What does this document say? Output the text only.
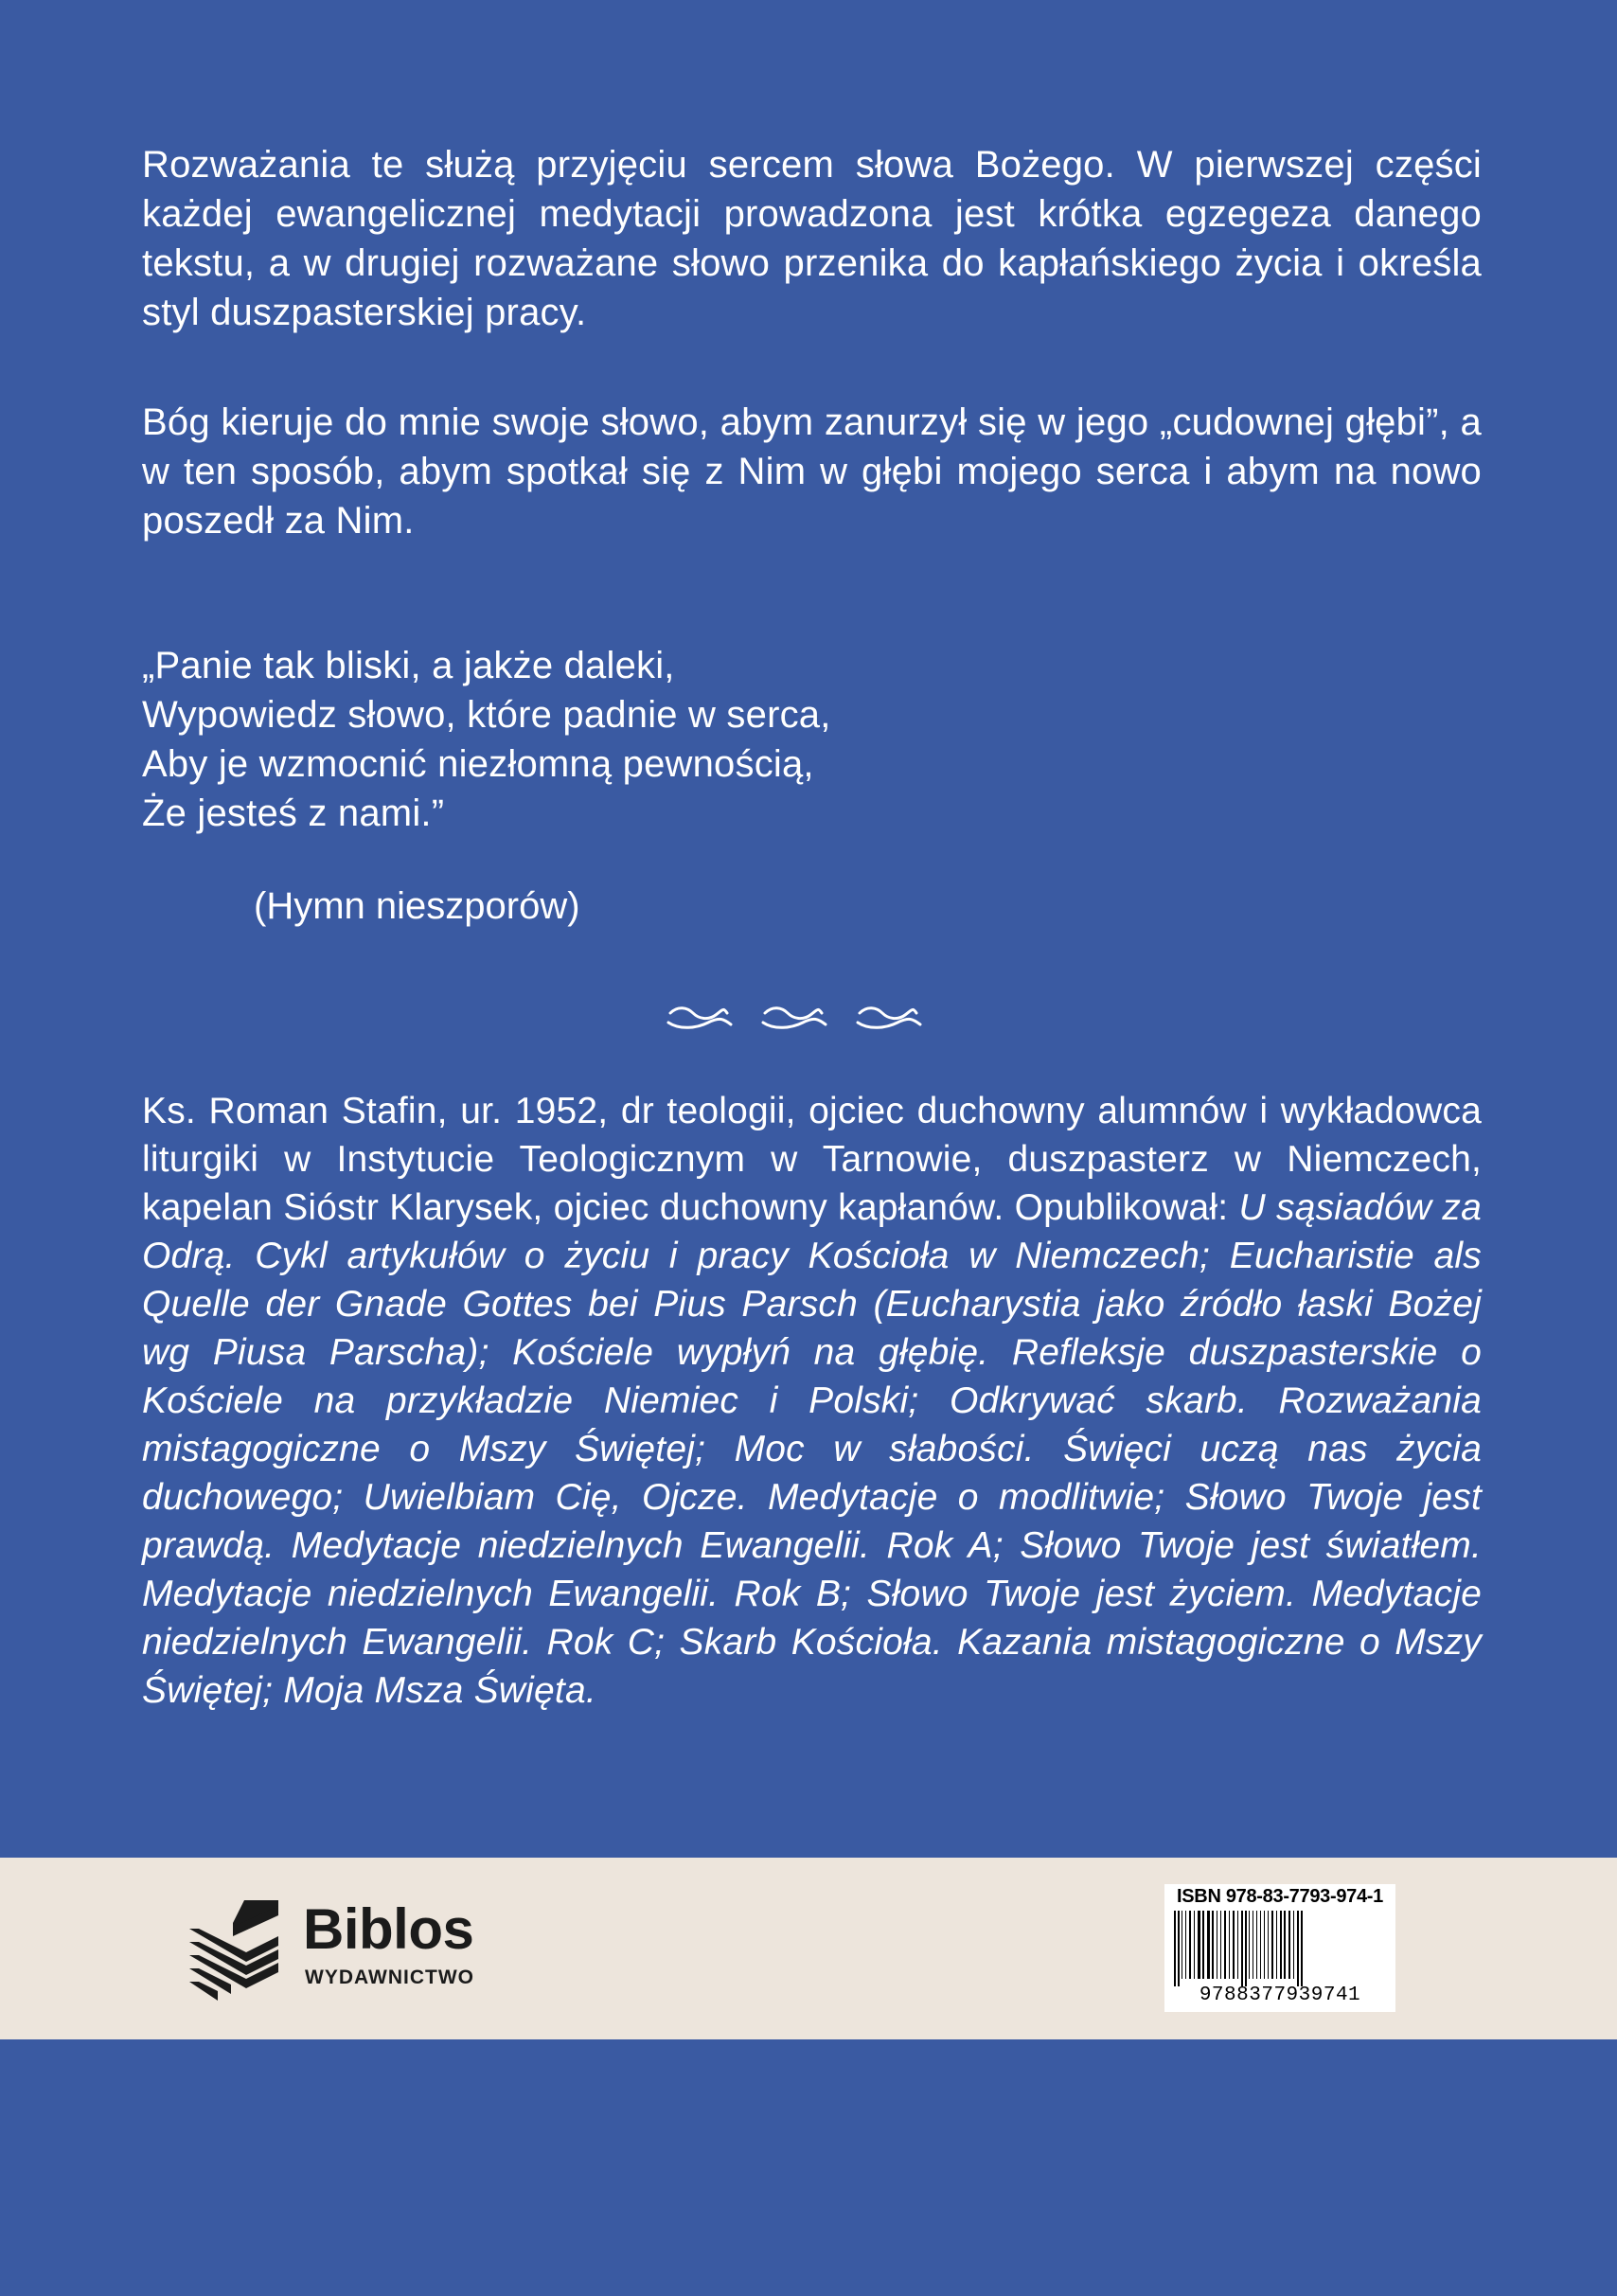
Rozważania te służą przyjęciu sercem słowa Bożego. W pierwszej części każdej ewangelicznej medytacji prowadzona jest krótka egzegeza danego tekstu, a w drugiej rozważane słowo przenika do kapłańskiego życia i określa styl duszpasterskiej pracy.
Bóg kieruje do mnie swoje słowo, abym zanurzył się w jego „cudownej głębi”, a w ten sposób, abym spotkał się z Nim w głębi mojego serca i abym na nowo poszedł za Nim.
„Panie tak bliski, a jakże daleki,
Wypowiedz słowo, które padnie w serca,
Aby je wzmocnić niezłomną pewnością,
Że jesteś z nami.”
(Hymn nieszporów)
Ks. Roman Stafin, ur. 1952, dr teologii, ojciec duchowny alumnów i wykładowca liturgiki w Instytucie Teologicznym w Tarnowie, duszpasterz w Niemczech, kapelan Sióstr Klarysek, ojciec duchowny kapłanów. Opublikował: U sąsiadów za Odrą. Cykl artykułów o życiu i pracy Kościoła w Niemczech; Eucharistie als Quelle der Gnade Gottes bei Pius Parsch (Eucharystia jako źródło łaski Bożej wg Piusa Parscha); Kościele wypłyń na głębię. Refleksje duszpasterskie o Kościele na przykładzie Niemiec i Polski; Odkrywać skarb. Rozważania mistagogiczne o Mszy Świętej; Moc w słabości. Święci uczą nas życia duchowego; Uwielbiam Cię, Ojcze. Medytacje o modlitwie; Słowo Twoje jest prawdą. Medytacje niedzielnych Ewangelii. Rok A; Słowo Twoje jest światłem. Medytacje niedzielnych Ewangelii. Rok B; Słowo Twoje jest życiem. Medytacje niedzielnych Ewangelii. Rok C; Skarb Kościoła. Kazania mistagogiczne o Mszy Świętej; Moja Msza Święta.
Biblos
WYDAWNICTWO
ISBN 978-83-7793-974-1
9788377939741
